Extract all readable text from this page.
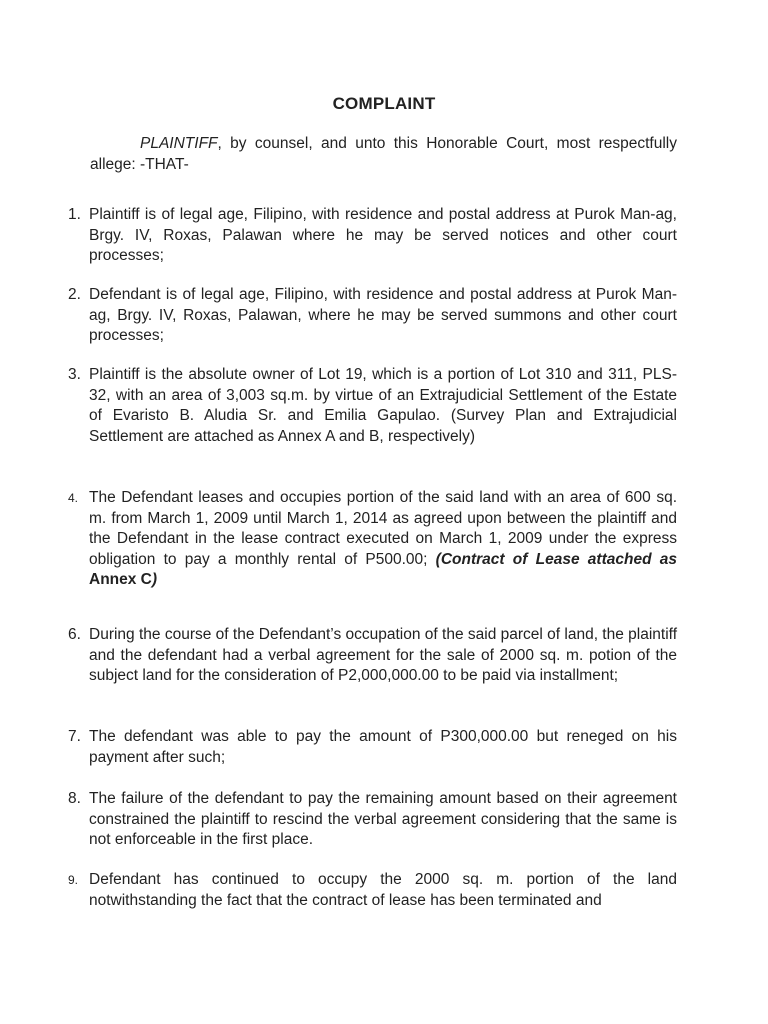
COMPLAINT
PLAINTIFF, by counsel, and unto this Honorable Court, most respectfully allege: -THAT-
1. Plaintiff is of legal age, Filipino, with residence and postal address at Purok Man-ag, Brgy. IV, Roxas, Palawan where he may be served notices and other court processes;
2. Defendant is of legal age, Filipino, with residence and postal address at Purok Man-ag, Brgy. IV, Roxas, Palawan, where he may be served summons and other court processes;
3. Plaintiff is the absolute owner of Lot 19, which is a portion of Lot 310 and 311, PLS-32, with an area of 3,003 sq.m. by virtue of an Extrajudicial Settlement of the Estate of Evaristo B. Aludia Sr. and Emilia Gapulao. (Survey Plan and Extrajudicial Settlement are attached as Annex A and B, respectively)
4. The Defendant leases and occupies portion of the said land with an area of 600 sq. m. from March 1, 2009 until March 1, 2014 as agreed upon between the plaintiff and the Defendant in the lease contract executed on March 1, 2009 under the express obligation to pay a monthly rental of P500.00; (Contract of Lease attached as Annex C)
6. During the course of the Defendant’s occupation of the said parcel of land, the plaintiff and the defendant had a verbal agreement for the sale of 2000 sq. m. potion of the subject land for the consideration of P2,000,000.00 to be paid via installment;
7. The defendant was able to pay the amount of P300,000.00 but reneged on his payment after such;
8. The failure of the defendant to pay the remaining amount based on their agreement constrained the plaintiff to rescind the verbal agreement considering that the same is not enforceable in the first place.
9. Defendant has continued to occupy the 2000 sq. m. portion of the land notwithstanding the fact that the contract of lease has been terminated and
